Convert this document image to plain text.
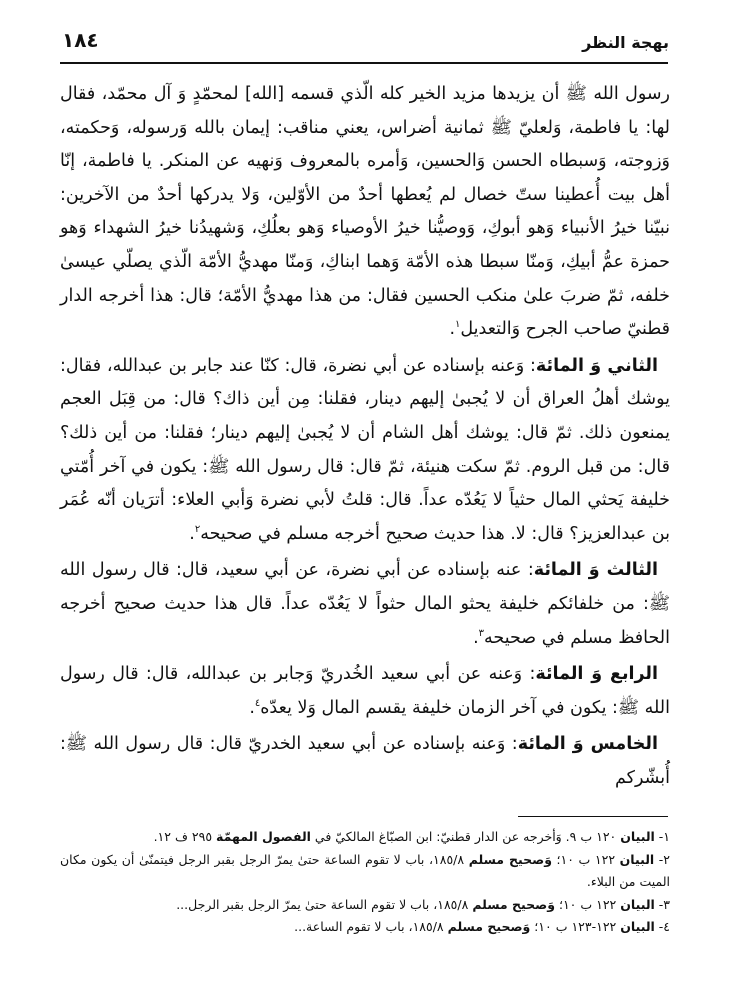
١٨٤	بهجة النظر

رسول الله ﷺ أن يزيدها مزيد الخير كله الّذي قسمه [الله] لمحمّدٍ وَ آل محمّد، فقال لها: يا فاطمة، وَلعليّ ﷺ ثمانية أضراس، يعني مناقب: إيمان بالله وَرسوله، وَحكمته، وَزوجته، وَسبطاه الحسن وَالحسين، وَأمره بالمعروف وَنهيه عن المنكر. يا فاطمة، إنّا أهل بيت أُعطينا ستّ خصال لم يُعطها أحدٌ من الأوّلين، وَلا يدركها أحدٌ من الآخرين: نبيّنا خيرُ الأنبياء وَهو أبوكِ، وَوصيُّنا خيرُ الأوصياء وَهو بعلُكِ، وَشهيدُنا خيرُ الشهداء وَهو حمزة عمُّ أبيكِ، وَمنّا سبطا هذه الأمّة وَهما ابناكِ، وَمنّا مهديُّ الأمّة الّذي يصلّي عيسىٰ خلفه، ثمّ ضربَ علىٰ منكب الحسين فقال: من هذا مهديُّ الأمّة؛ قال: هذا أخرجه الدار قطنيّ صاحب الجرح وَالتعديل$^١$.

الثاني وَ المائة: وَعنه بإسناده عن أبي نضرة، قال: كنّا عند جابر بن عبدالله، فقال: يوشك أهلُ العراق أن لا يُجبىٰ إليهم دينار، فقلنا: مِن أين ذاك؟ قال: من قِبَل العجم يمنعون ذلك. ثمّ قال: يوشك أهل الشام أن لا يُجبىٰ إليهم دينار؛ فقلنا: من أين ذلك؟ قال: من قبل الروم. ثمّ سكت هنيئة، ثمّ قال: قال رسول الله ﷺ: يكون في آخر أُمّتي خليفة يَحثي المال حثياً لا يَعُدّه عداً. قال: قلتُ لأبي نضرة وَأبي العلاء: أترَيان أنّه عُمَر بن عبدالعزيز؟ قال: لا. هذا حديث صحيح أخرجه مسلم في صحيحه$^٢$.

الثالث وَ المائة: عنه بإسناده عن أبي نضرة، عن أبي سعيد، قال: قال رسول الله ﷺ: من خلفائكم خليفة يحثو المال حثواً لا يَعُدّه عداً. قال هذا حديث صحيح أخرجه الحافظ مسلم في صحيحه$^٣$.

الرابع وَ المائة: وَعنه عن أبي سعيد الخُدريّ وَجابر بن عبدالله، قال: قال رسول الله ﷺ: يكون في آخر الزمان خليفة يقسم المال وَلا يعدّه$^٤$.

الخامس وَ المائة: وَعنه بإسناده عن أبي سعيد الخدريّ قال: قال رسول الله ﷺ: أُبشّركم

١- البيان ١٢٠ ب ٩. وَأخرجه عن الدار قطنيّ: ابن الصبّاغ المالكيّ في الفصول المهمّة ٢٩٥ ف ١٢.

٢- البيان ١٢٢ ب ١٠؛ وَصحيح مسلم ١٨٥/٨، باب لا تقوم الساعة حتىٰ يمرّ الرجل بقبر الرجل فيتمنّىٰ أن يكون مكان الميت من البلاء.

٣- البيان ١٢٢ ب ١٠؛ وَصحيح مسلم ١٨٥/٨، باب لا تقوم الساعة حتىٰ يمرّ الرجل بقبر الرجل...

٤- البيان ١٢٢-١٢٣ ب ١٠؛ وَصحيح مسلم ١٨٥/٨، باب لا تقوم الساعة...
